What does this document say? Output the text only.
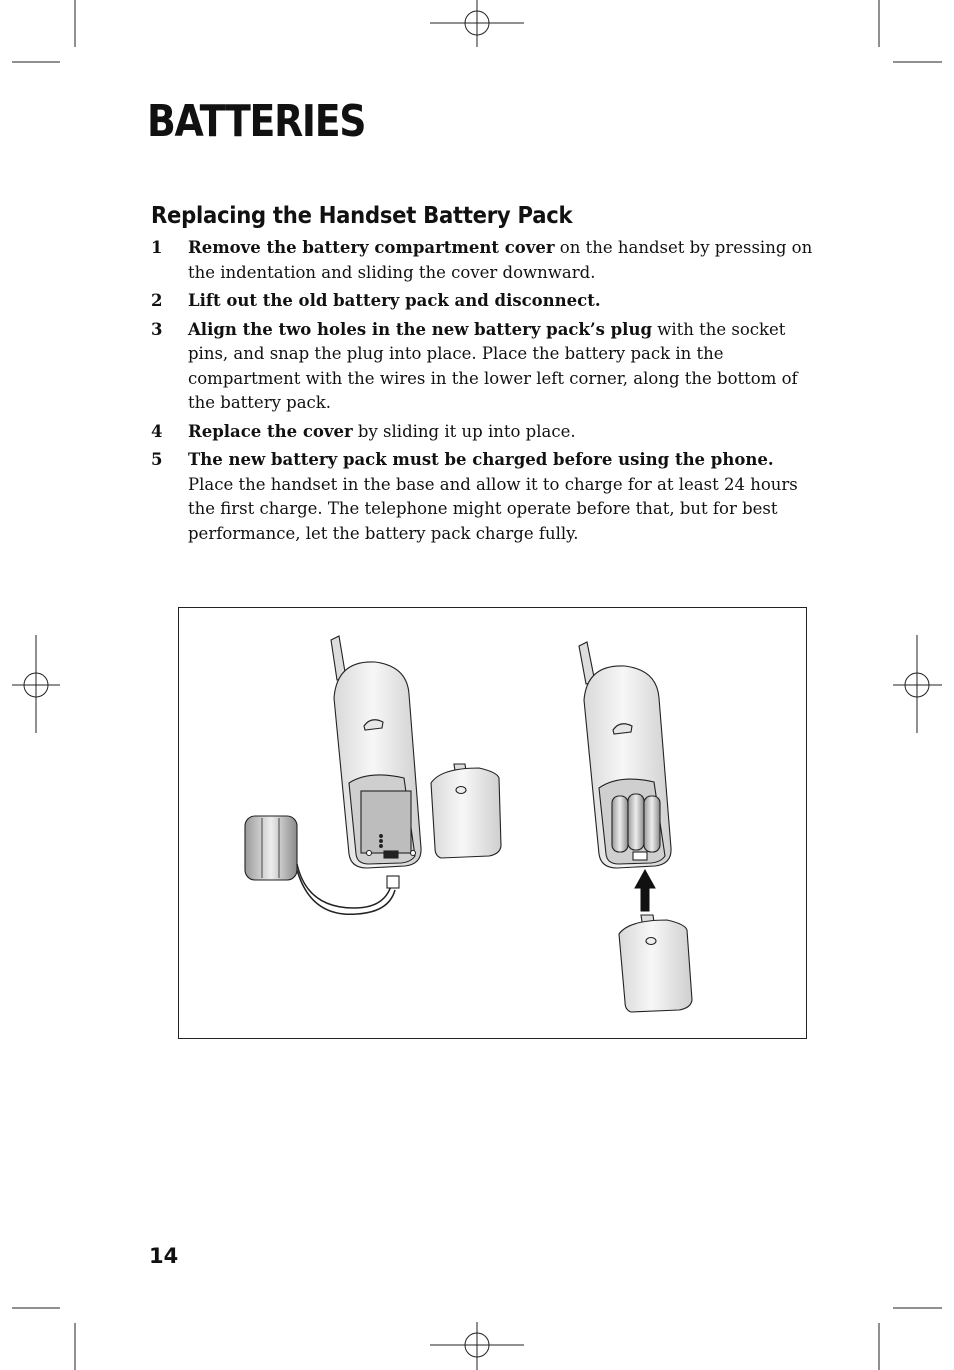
BATTERIES
Replacing the Handset Battery Pack
1 Remove the battery compartment cover on the handset by pressing on the indentation and sliding the cover downward.
2 Lift out the old battery pack and disconnect.
3 Align the two holes in the new battery pack’s plug with the socket pins, and snap the plug into place. Place the battery pack in the compartment with the wires in the lower left corner, along the bottom of the battery pack.
4 Replace the cover by sliding it up into place.
5 The new battery pack must be charged before using the phone. Place the handset in the base and allow it to charge for at least 24 hours the first charge. The telephone might operate before that, but for best performance, let the battery pack charge fully.
14
